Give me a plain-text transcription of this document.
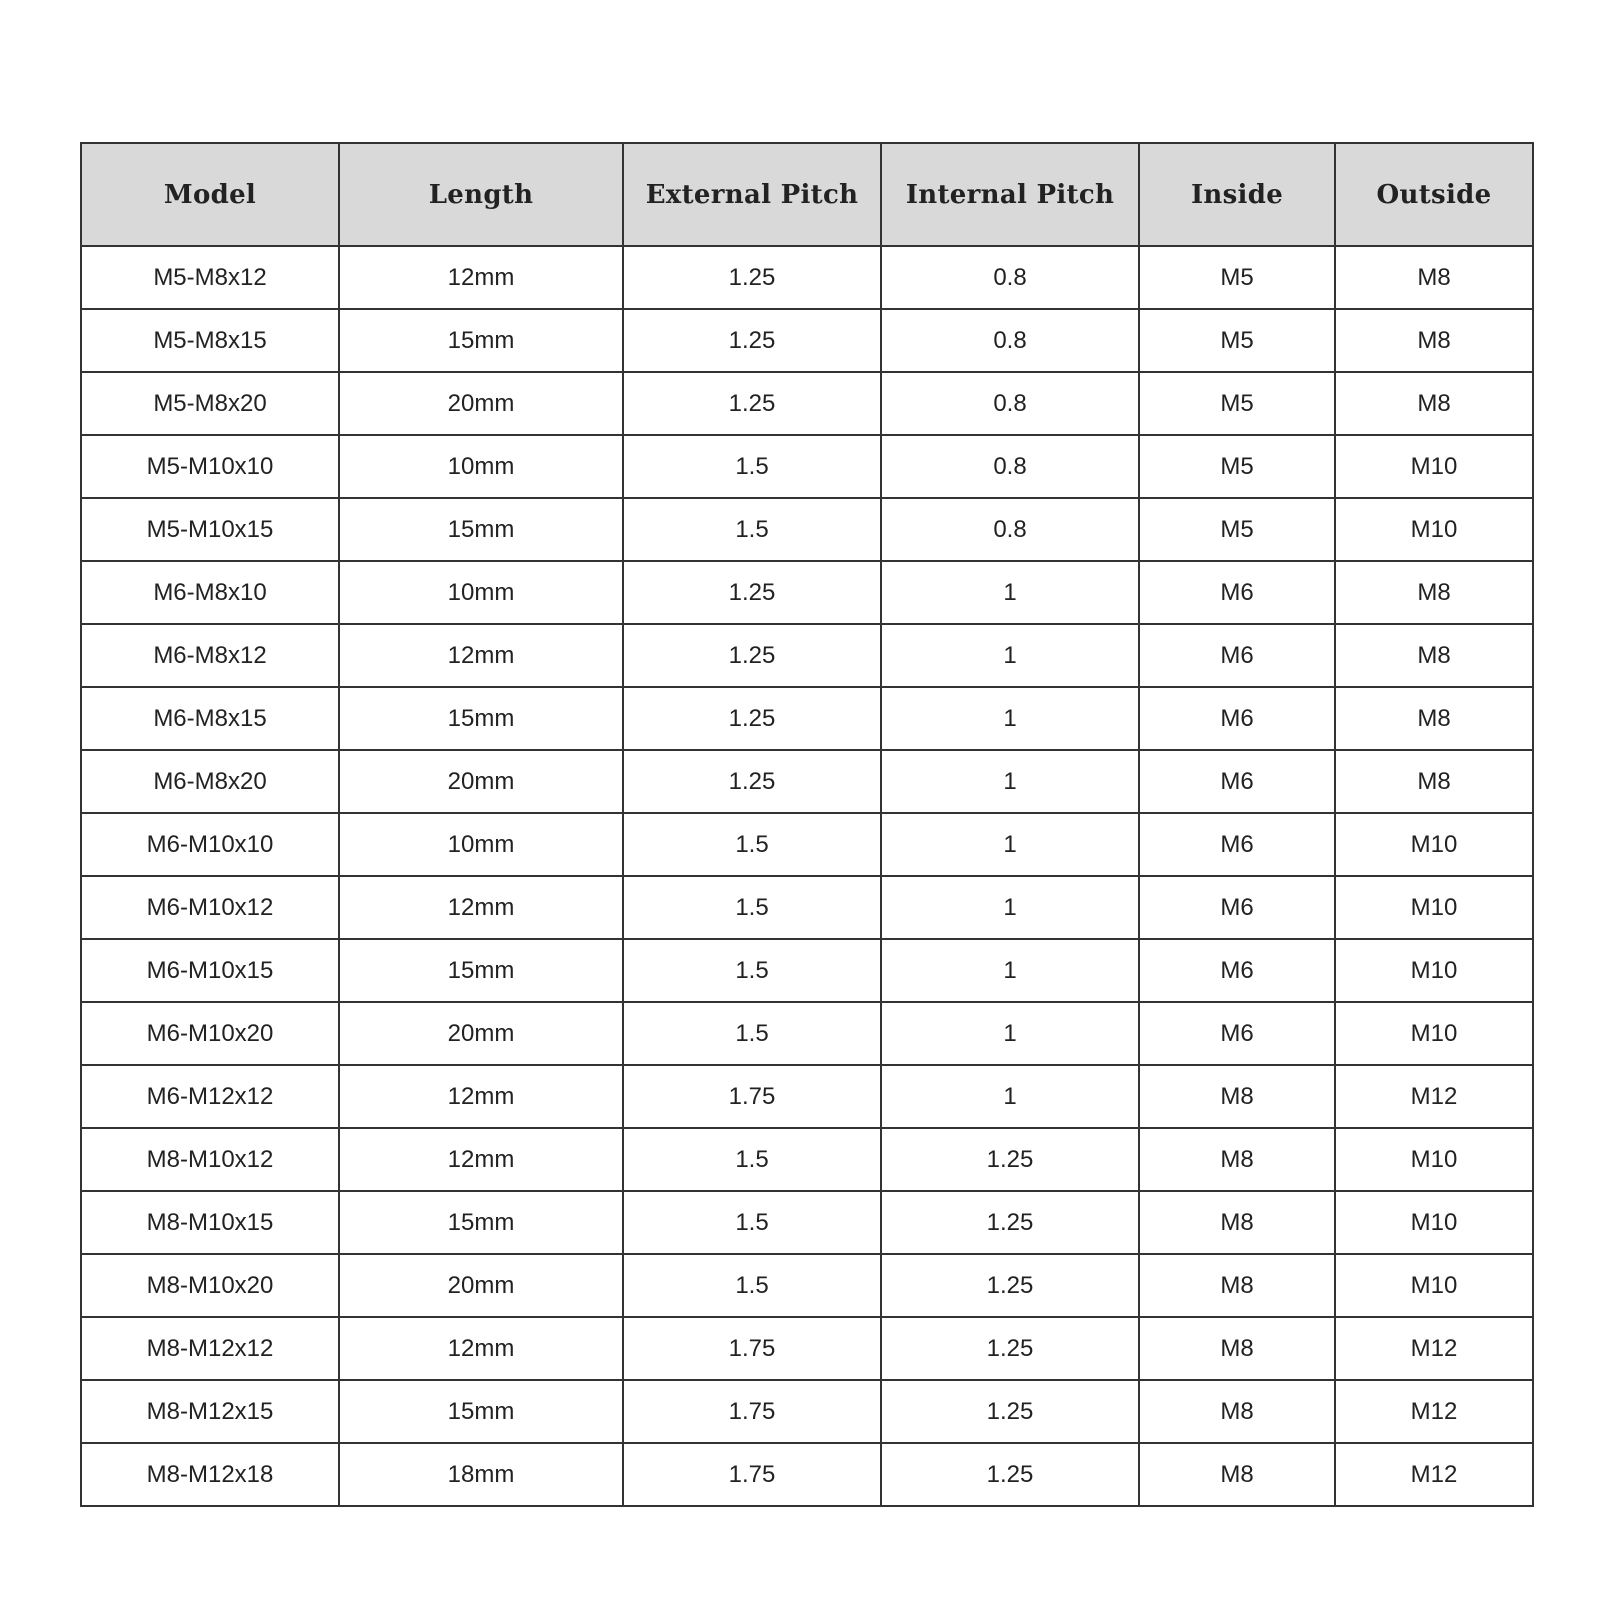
Model	Length	External Pitch	Internal Pitch	Inside	Outside
M5-M8x12	12mm	1.25	0.8	M5	M8
M5-M8x15	15mm	1.25	0.8	M5	M8
M5-M8x20	20mm	1.25	0.8	M5	M8
M5-M10x10	10mm	1.5	0.8	M5	M10
M5-M10x15	15mm	1.5	0.8	M5	M10
M6-M8x10	10mm	1.25	1	M6	M8
M6-M8x12	12mm	1.25	1	M6	M8
M6-M8x15	15mm	1.25	1	M6	M8
M6-M8x20	20mm	1.25	1	M6	M8
M6-M10x10	10mm	1.5	1	M6	M10
M6-M10x12	12mm	1.5	1	M6	M10
M6-M10x15	15mm	1.5	1	M6	M10
M6-M10x20	20mm	1.5	1	M6	M10
M6-M12x12	12mm	1.75	1	M8	M12
M8-M10x12	12mm	1.5	1.25	M8	M10
M8-M10x15	15mm	1.5	1.25	M8	M10
M8-M10x20	20mm	1.5	1.25	M8	M10
M8-M12x12	12mm	1.75	1.25	M8	M12
M8-M12x15	15mm	1.75	1.25	M8	M12
M8-M12x18	18mm	1.75	1.25	M8	M12
